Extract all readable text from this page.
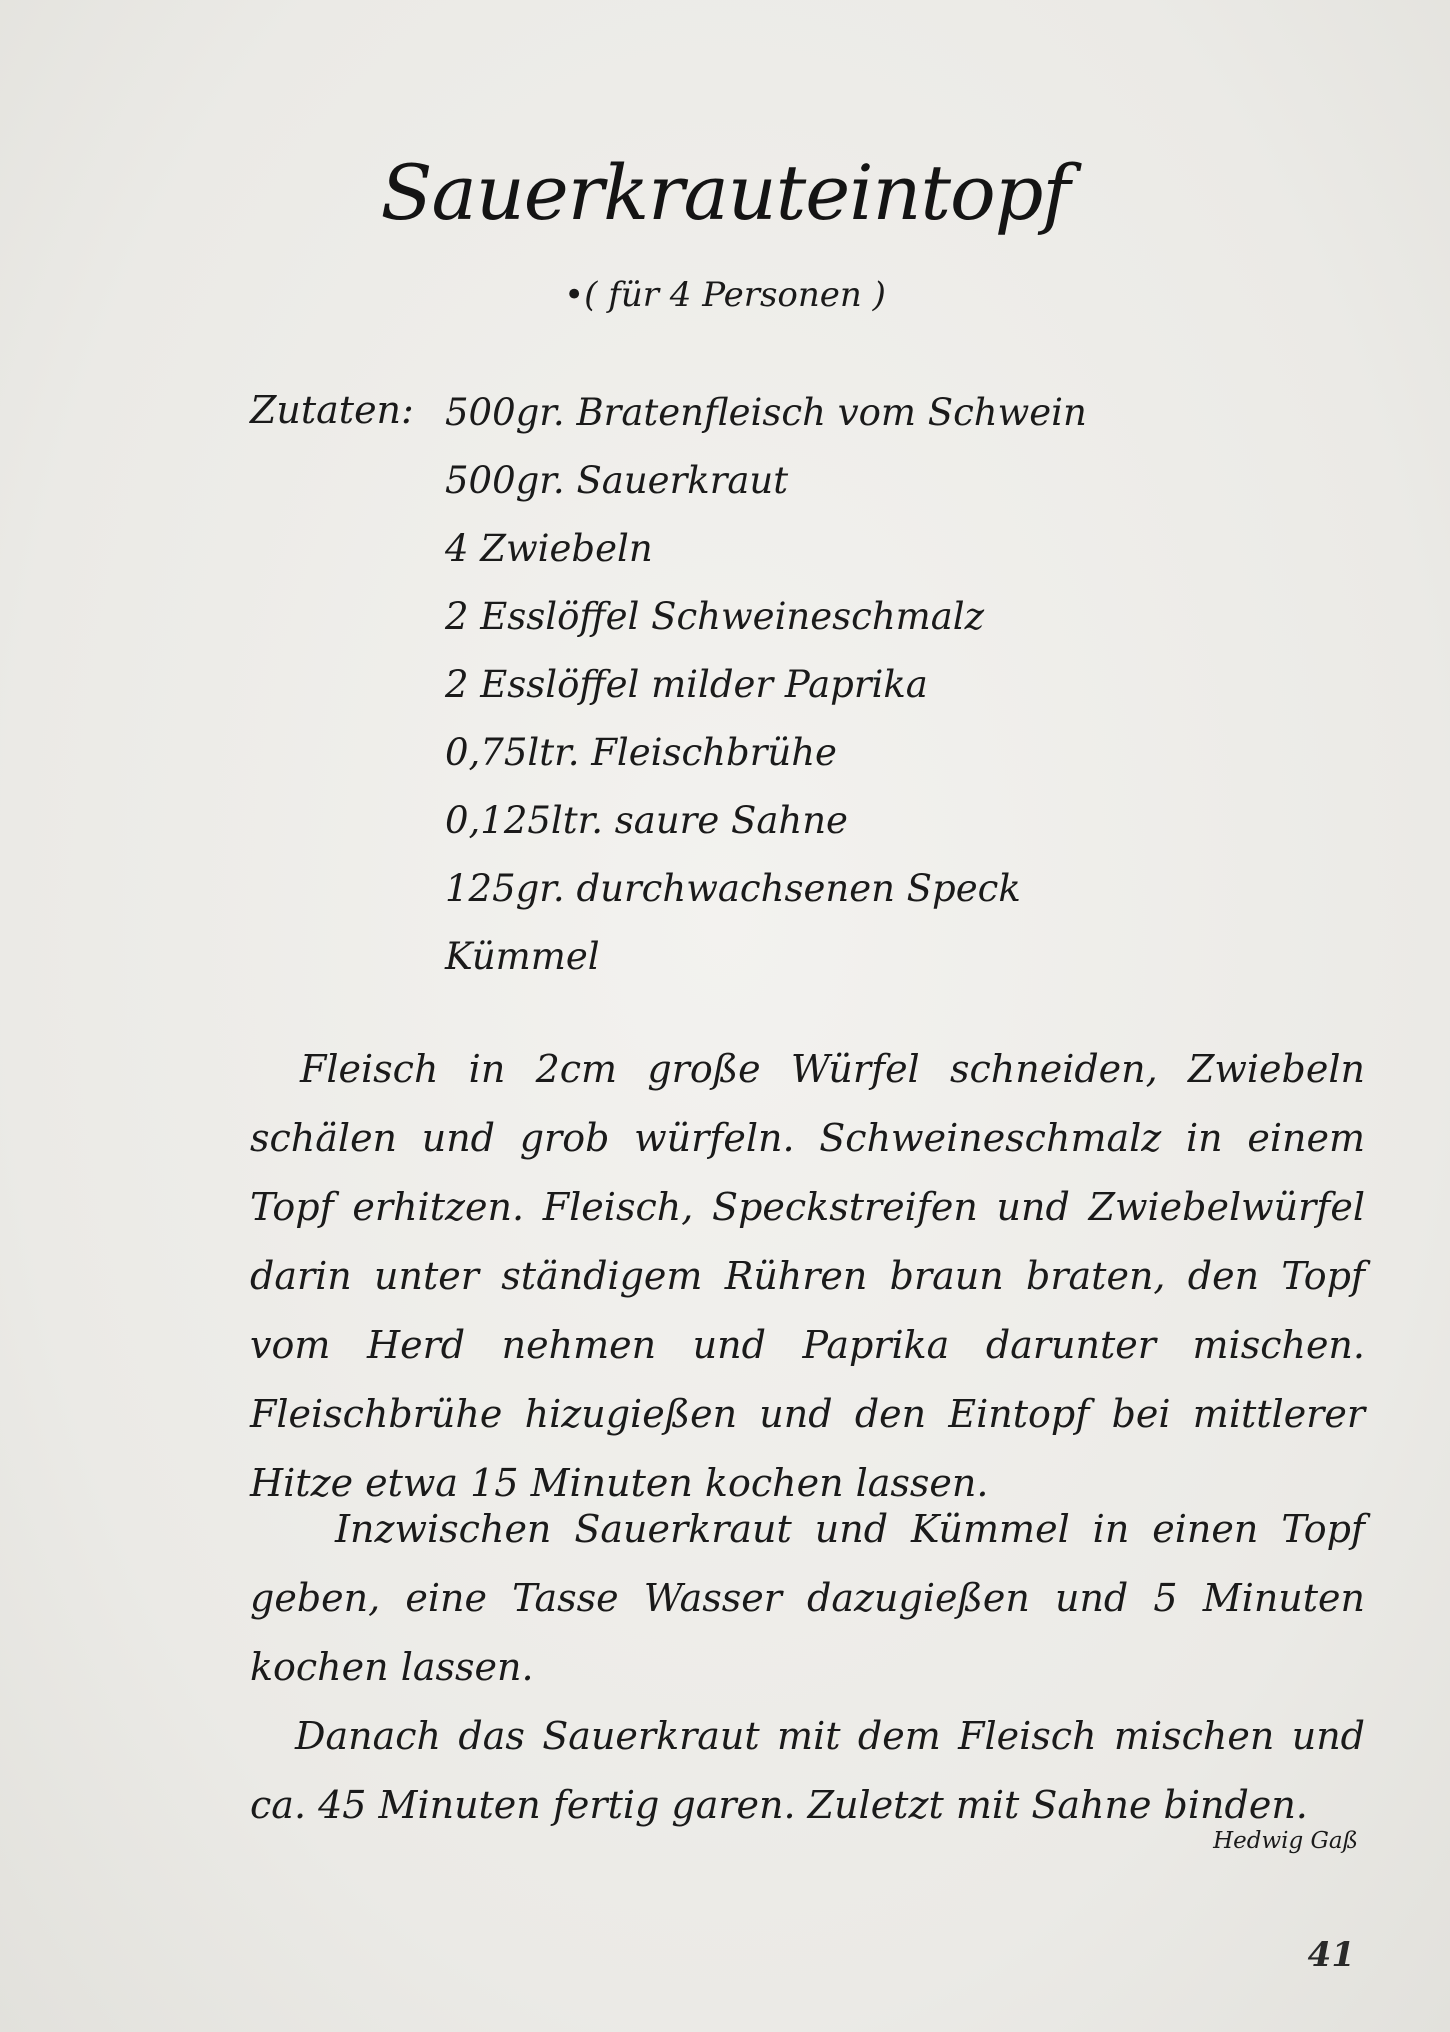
Sauerkrauteintopf
•( für 4 Personen )
Zutaten: 500gr. Bratenfleisch vom Schwein
500gr. Sauerkraut
4 Zwiebeln
2 Esslöffel Schweineschmalz
2 Esslöffel milder Paprika
0,75ltr. Fleischbrühe
0,125ltr. saure Sahne
125gr. durchwachsenen Speck
Kümmel

Fleisch in 2cm große Würfel schneiden, Zwiebeln schälen und grob würfeln. Schweineschmalz in einem Topf erhitzen. Fleisch, Speckstreifen und Zwiebelwürfel darin unter ständigem Rühren braun braten, den Topf vom Herd nehmen und Paprika darunter mischen. Fleischbrühe hizugießen und den Eintopf bei mittlerer Hitze etwa 15 Minuten kochen lassen.

Inzwischen Sauerkraut und Kümmel in einen Topf geben, eine Tasse Wasser dazugießen und 5 Minuten kochen lassen.

Danach das Sauerkraut mit dem Fleisch mischen und ca. 45 Minuten fertig garen. Zuletzt mit Sahne binden.

Hedwig Gaß
41
